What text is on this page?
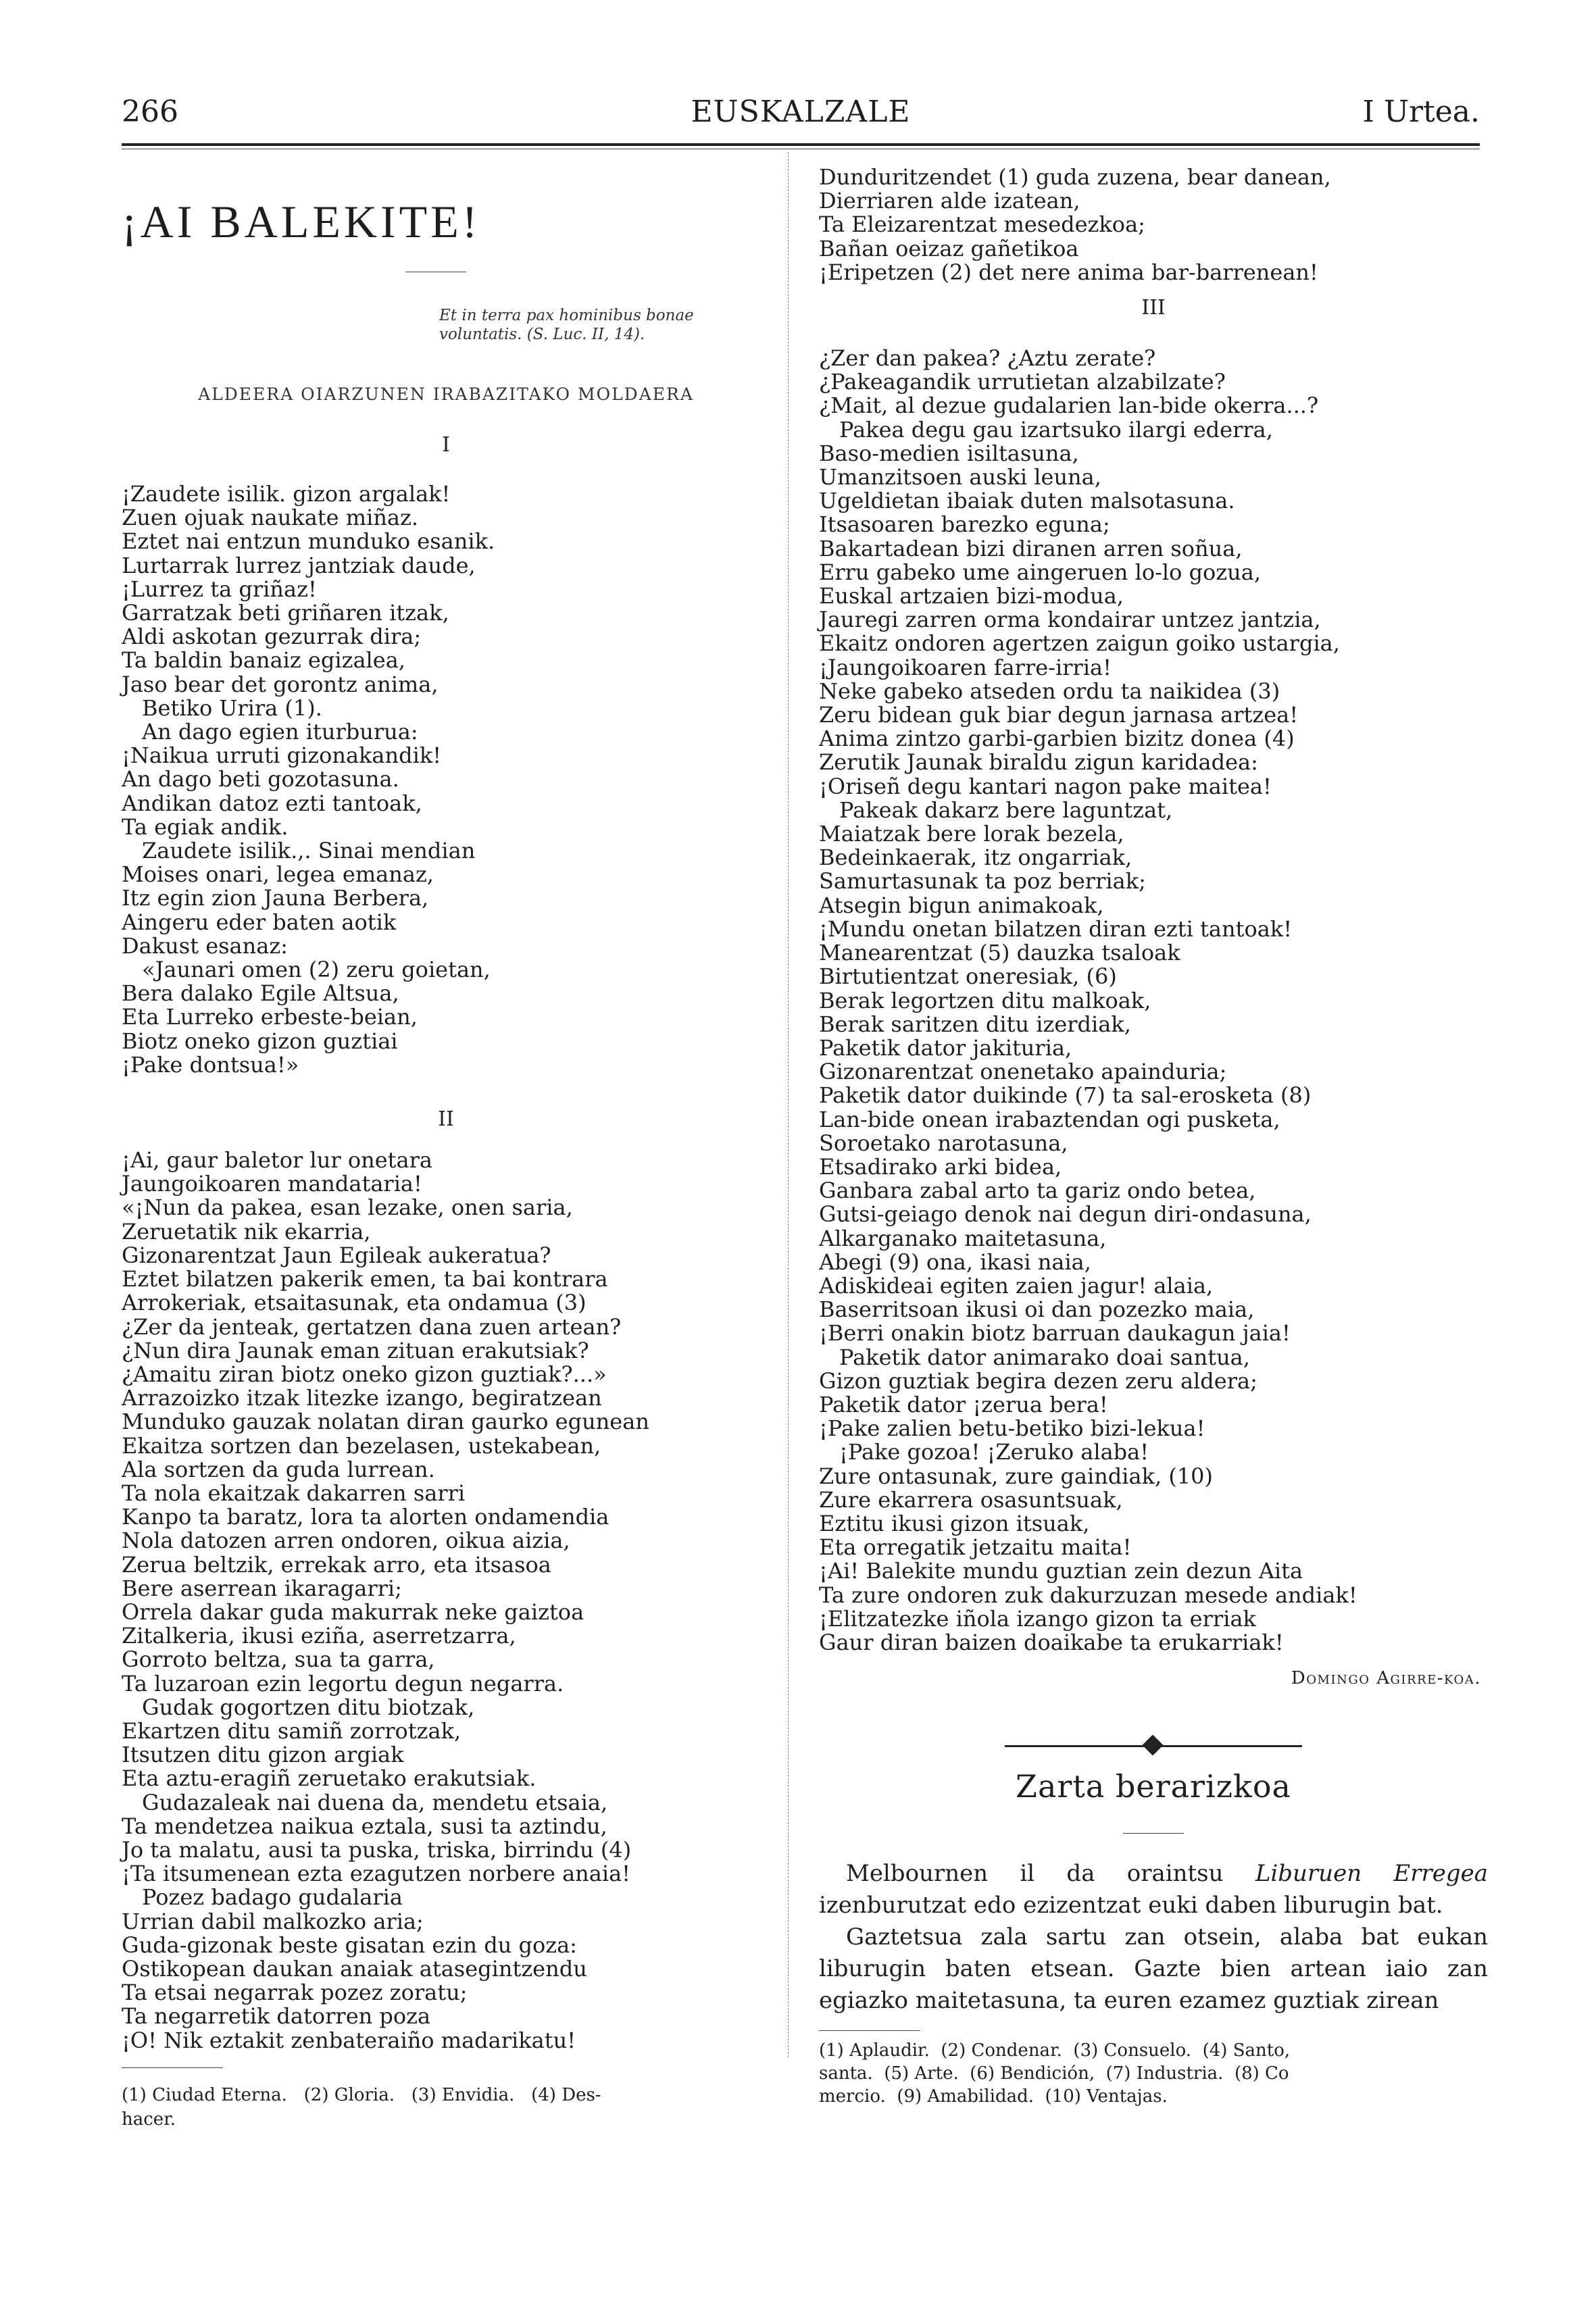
266	EUSKALZALE	I Urtea.
¡AI BALEKITE!
Et in terra pax hominibus bonae voluntatis. (S. Luc. II, 14).
ALDEERA OIARZUNEN IRABAZITAKO MOLDAERA
I
¡Zaudete isilik. gizon argalak!
Zuen ojuak naukate miñaz.
Eztet nai entzun munduko esanik.
Lurtarrak lurrez jantziak daude,
¡Lurrez ta griñaz!
Garratzak beti griñaren itzak,
Aldi askotan gezurrak dira;
Ta baldin banaiz egizalea,
Jaso bear det gorontz anima,
Betiko Urira (1).
An dago egien iturburua:
¡Naikua urruti gizonakandik!
An dago beti gozotasuna.
Andikan datoz ezti tantoak,
Ta egiak andik.
Zaudete isilik.,. Sinai mendian
Moises onari, legea emanaz,
Itz egin zion Jauna Berbera,
Aingeru eder baten aotik
Dakust esanaz:
«Jaunari omen (2) zeru goietan,
Bera dalako Egile Altsua,
Eta Lurreko erbeste-beian,
Biotz oneko gizon guztiai
¡Pake dontsua!»
II
¡Ai, gaur baletor lur onetara
Jaungoikoaren mandataria!
«¡Nun da pakea, esan lezake, onen saria,
Zeruetatik nik ekarria,
Gizonarentzat Jaun Egileak aukeratua?
Eztet bilatzen pakerik emen, ta bai kontrara
Arrokeriak, etsaitasunak, eta ondamua (3)
¿Zer da jenteak, gertatzen dana zuen artean?
¿Nun dira Jaunak eman zituan erakutsiak?
¿Amaitu ziran biotz oneko gizon guztiak?...»
Arrazoizko itzak litezke izango, begiratzean
Munduko gauzak nolatan diran gaurko egunean
Ekaitza sortzen dan bezelasen, ustekabean,
Ala sortzen da guda lurrean.
Ta nola ekaitzak dakarren sarri
Kanpo ta baratz, lora ta alorten ondamendia
Nola datozen arren ondoren, oikua aizia,
Zerua beltzik, errekak arro, eta itsasoa
Bere aserrean ikaragarri;
Orrela dakar guda makurrak neke gaiztoa
Zitalkeria, ikusi eziña, aserretzarra,
Gorroto beltza, sua ta garra,
Ta luzaroan ezin legortu degun negarra.
Gudak gogortzen ditu biotzak,
Ekartzen ditu samiñ zorrotzak,
Itsutzen ditu gizon argiak
Eta aztu-eragiñ zeruetako erakutsiak.
Gudazaleak nai duena da, mendetu etsaia,
Ta mendetzea naikua eztala, susi ta aztindu,
Jo ta malatu, ausi ta puska, triska, birrindu (4)
¡Ta itsumenean ezta ezagutzen norbere anaia!
Pozez badago gudalaria
Urrian dabil malkozko aria;
Guda-gizonak beste gisatan ezin du goza:
Ostikopean daukan anaiak atasegintzendu
Ta etsai negarrak pozez zoratu;
Ta negarretik datorren poza
¡O! Nik eztakit zenbateraiño madarikatu!
(1) Ciudad Eterna.   (2) Gloria.   (3) Envidia.   (4) Des-
hacer.
Dunduritzendet (1) guda zuzena, bear danean,
Dierriaren alde izatean,
Ta Eleizarentzat mesedezkoa;
Bañan oeizaz gañetikoa
¡Eripetzen (2) det nere anima bar-barrenean!
III
¿Zer dan pakea? ¿Aztu zerate?
¿Pakeagandik urrutietan alzabilzate?
¿Mait, al dezue gudalarien lan-bide okerra...?
Pakea degu gau izartsuko ilargi ederra,
Baso-medien isiltasuna,
Umanzitsoen auski leuna,
Ugeldietan ibaiak duten malsotasuna.
Itsasoaren barezko eguna;
Bakartadean bizi diranen arren soñua,
Erru gabeko ume aingeruen lo-lo gozua,
Euskal artzaien bizi-modua,
Jauregi zarren orma kondairar untzez jantzia,
Ekaitz ondoren agertzen zaigun goiko ustargia,
¡Jaungoikoaren farre-irria!
Neke gabeko atseden ordu ta naikidea (3)
Zeru bidean guk biar degun jarnasa artzea!
Anima zintzo garbi-garbien bizitz donea (4)
Zerutik Jaunak biraldu zigun karidadea:
¡Oriseñ degu kantari nagon pake maitea!
Pakeak dakarz bere laguntzat,
Maiatzak bere lorak bezela,
Bedeinkaerak, itz ongarriak,
Samurtasunak ta poz berriak;
Atsegin bigun animakoak,
¡Mundu onetan bilatzen diran ezti tantoak!
Manearentzat (5) dauzka tsaloak
Birtutientzat oneresiak, (6)
Berak legortzen ditu malkoak,
Berak saritzen ditu izerdiak,
Paketik dator jakituria,
Gizonarentzat onenetako apainduria;
Paketik dator duikinde (7) ta sal-erosketa (8)
Lan-bide onean irabaztendan ogi pusketa,
Soroetako narotasuna,
Etsadirako arki bidea,
Ganbara zabal arto ta gariz ondo betea,
Gutsi-geiago denok nai degun diri-ondasuna,
Alkarganako maitetasuna,
Abegi (9) ona, ikasi naia,
Adiskideai egiten zaien jagur! alaia,
Baserritsoan ikusi oi dan pozezko maia,
¡Berri onakin biotz barruan daukagun jaia!
Paketik dator animarako doai santua,
Gizon guztiak begira dezen zeru aldera;
Paketik dator ¡zerua bera!
¡Pake zalien betu-betiko bizi-lekua!
¡Pake gozoa! ¡Zeruko alaba!
Zure ontasunak, zure gaindiak, (10)
Zure ekarrera osasuntsuak,
Eztitu ikusi gizon itsuak,
Eta orregatik jetzaitu maita!
¡Ai! Balekite mundu guztian zein dezun Aita
Ta zure ondoren zuk dakurzuzan mesede andiak!
¡Elitzatezke iñola izango gizon ta erriak
Gaur diran baizen doaikabe ta erukarriak!
Domingo Agirre-koa.
Zarta berarizkoa

Melbournen il da oraintsu Liburuen Erregea izenburutzat edo ezizentzat euki daben liburugin bat.

Gaztetsua zala sartu zan otsein, alaba bat eukan liburugin baten etsean. Gazte bien artean iaio zan egiazko maitetasuna, ta euren ezamez guztiak zirean

(1) Aplaudir.  (2) Condenar.  (3) Consuelo.  (4) Santo,
santa.  (5) Arte.  (6) Bendición,  (7) Industria.  (8) Co
mercio.  (9) Amabilidad.  (10) Ventajas.
